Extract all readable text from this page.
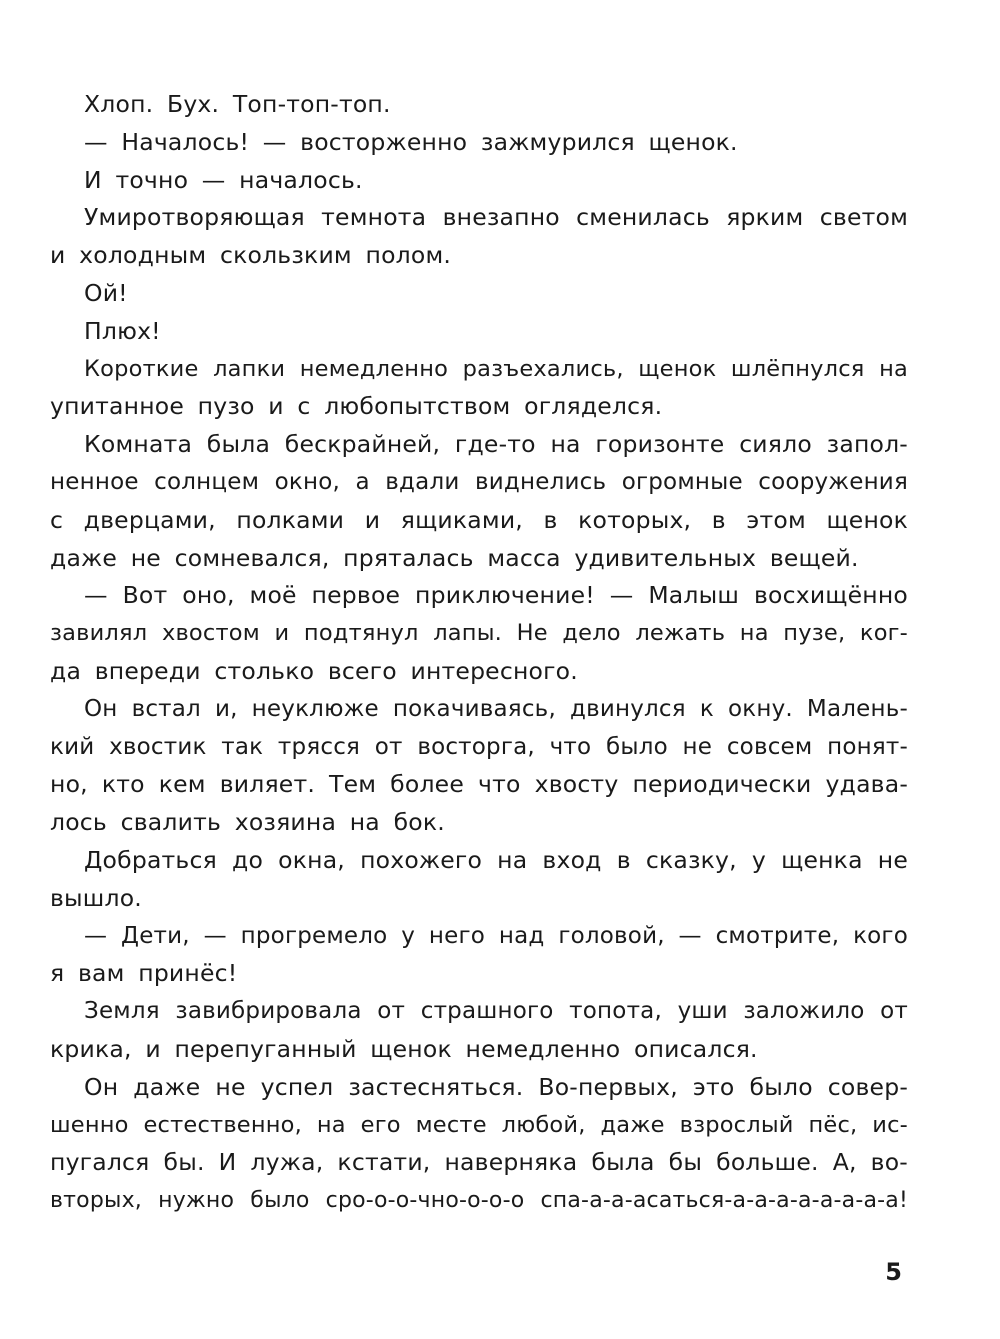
Хлоп. Бух. Топ-топ-топ.
— Началось! — восторженно зажмурился щенок.
И точно — началось.
Умиротворяющая темнота внезапно сменилась ярким светом
и холодным скользким полом.
Ой!
Плюх!
Короткие лапки немедленно разъехались, щенок шлёпнулся на
упитанное пузо и с любопытством огляделся.
Комната была бескрайней, где-то на горизонте сияло запол-
ненное солнцем окно, а вдали виднелись огромные сооружения
с дверцами, полками и ящиками, в которых, в этом щенок
даже не сомневался, пряталась масса удивительных вещей.
— Вот оно, моё первое приключение! — Малыш восхищённо
завилял хвостом и подтянул лапы. Не дело лежать на пузе, ког-
да впереди столько всего интересного.
Он встал и, неуклюже покачиваясь, двинулся к окну. Малень-
кий хвостик так трясся от восторга, что было не совсем понят-
но, кто кем виляет. Тем более что хвосту периодически удава-
лось свалить хозяина на бок.
Добраться до окна, похожего на вход в сказку, у щенка не
вышло.
— Дети, — прогремело у него над головой, — смотрите, кого
я вам принёс!
Земля завибрировала от страшного топота, уши заложило от
крика, и перепуганный щенок немедленно описался.
Он даже не успел застесняться. Во-первых, это было совер-
шенно естественно, на его месте любой, даже взрослый пёс, ис-
пугался бы. И лужа, кстати, наверняка была бы больше. А, во-
вторых, нужно было сро-о-о-чно-о-о-о спа-а-а-асаться-а-а-а-а-а-а-а-а!
5
